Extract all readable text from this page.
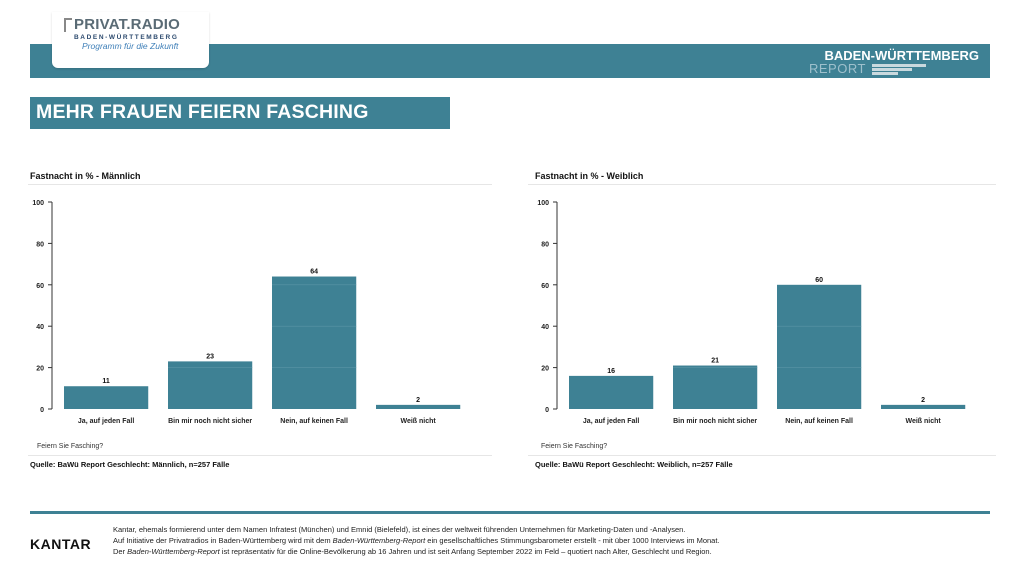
PRIVAT.RADIO
BADEN-WÜRTTEMBERG
Programm für die Zukunft
BADEN-WÜRTTEMBERG
REPORT
MEHR FRAUEN FEIERN FASCHING
Fastnacht in % - Männlich
0
20
40
60
80
100
11
Ja, auf jeden Fall
23
Bin mir noch nicht sicher
64
Nein, auf keinen Fall
2
Weiß nicht
Feiern Sie Fasching?
Quelle: BaWü Report Geschlecht: Männlich, n=257 Fälle
Fastnacht in % - Weiblich
0
20
40
60
80
100
16
Ja, auf jeden Fall
21
Bin mir noch nicht sicher
60
Nein, auf keinen Fall
2
Weiß nicht
Feiern Sie Fasching?
Quelle: BaWü Report Geschlecht: Weiblich, n=257 Fälle
KANTAR
Kantar, ehemals formierend unter dem Namen Infratest (München) und Emnid (Bielefeld), ist eines der weltweit führenden Unternehmen für Marketing-Daten und -Analysen.
Auf Initiative der Privatradios in Baden-Württemberg wird mit dem Baden-Württemberg-Report ein gesellschaftliches Stimmungsbarometer erstellt - mit über 1000 Interviews im Monat.
Der Baden-Württemberg-Report ist repräsentativ für die Online-Bevölkerung ab 16 Jahren und ist seit Anfang September 2022 im Feld – quotiert nach Alter, Geschlecht und Region.
